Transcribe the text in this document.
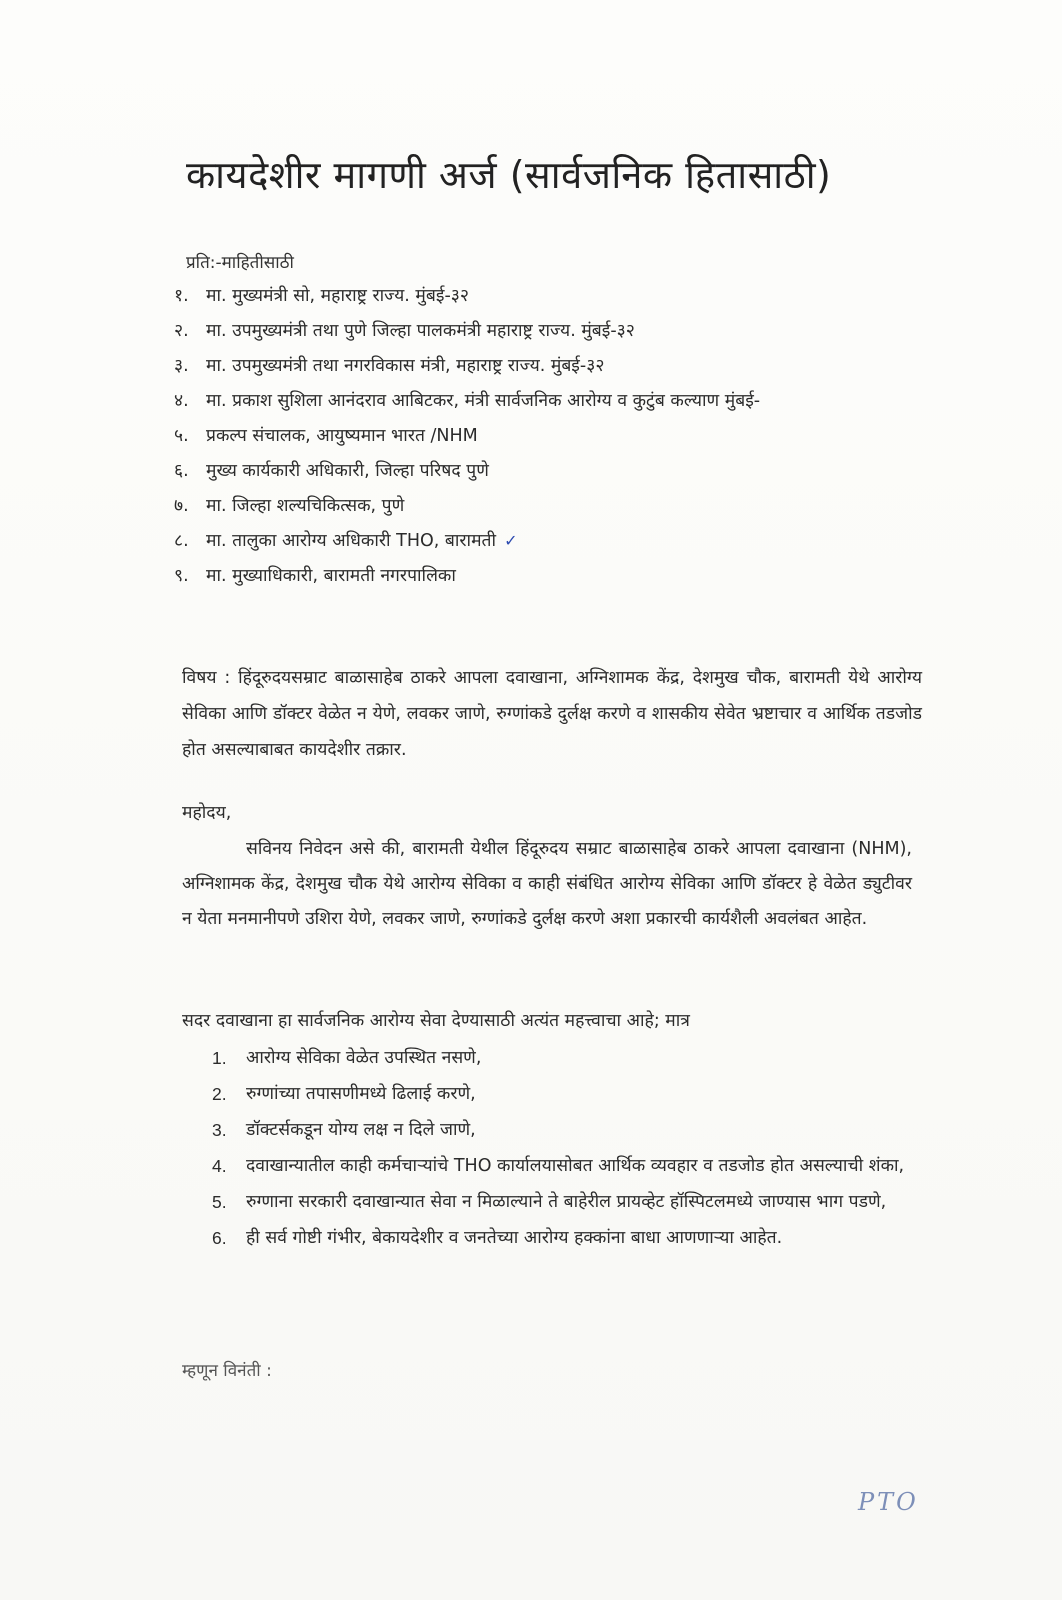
कायदेशीर मागणी अर्ज (सार्वजनिक हितासाठी)
प्रति:-माहितीसाठी
१. मा. मुख्यमंत्री सो, महाराष्ट्र राज्य. मुंबई-३२
२. मा. उपमुख्यमंत्री तथा पुणे जिल्हा पालकमंत्री महाराष्ट्र राज्य. मुंबई-३२
३. मा. उपमुख्यमंत्री तथा नगरविकास मंत्री, महाराष्ट्र राज्य. मुंबई-३२
४. मा. प्रकाश सुशिला आनंदराव आबिटकर, मंत्री सार्वजनिक आरोग्य व कुटुंब कल्याण मुंबई-
५. प्रकल्प संचालक, आयुष्यमान भारत /NHM
६. मुख्य कार्यकारी अधिकारी, जिल्हा परिषद पुणे
७. मा. जिल्हा शल्यचिकित्सक, पुणे
८. मा. तालुका आरोग्य अधिकारी THO, बारामती ✓
९. मा. मुख्याधिकारी, बारामती नगरपालिका
विषय : हिंदूरुदयसम्राट बाळासाहेब ठाकरे आपला दवाखाना, अग्निशामक केंद्र, देशमुख चौक, बारामती येथे आरोग्य सेविका आणि डॉक्टर वेळेत न येणे, लवकर जाणे, रुग्णांकडे दुर्लक्ष करणे व शासकीय सेवेत भ्रष्टाचार व आर्थिक तडजोड होत असल्याबाबत कायदेशीर तक्रार.
महोदय,
सविनय निवेदन असे की, बारामती येथील हिंदूरुदय सम्राट बाळासाहेब ठाकरे आपला दवाखाना (NHM), अग्निशामक केंद्र, देशमुख चौक येथे आरोग्य सेविका व काही संबंधित आरोग्य सेविका आणि डॉक्टर हे वेळेत ड्युटीवर न येता मनमानीपणे उशिरा येणे, लवकर जाणे, रुग्णांकडे दुर्लक्ष करणे अशा प्रकारची कार्यशैली अवलंबत आहेत.
सदर दवाखाना हा सार्वजनिक आरोग्य सेवा देण्यासाठी अत्यंत महत्त्वाचा आहे; मात्र
1. आरोग्य सेविका वेळेत उपस्थित नसणे,
2. रुग्णांच्या तपासणीमध्ये ढिलाई करणे,
3. डॉक्टर्सकडून योग्य लक्ष न दिले जाणे,
4. दवाखान्यातील काही कर्मचाऱ्यांचे THO कार्यालयासोबत आर्थिक व्यवहार व तडजोड होत असल्याची शंका,
5. रुग्णाना सरकारी दवाखान्यात सेवा न मिळाल्याने ते बाहेरील प्रायव्हेट हॉस्पिटलमध्ये जाण्यास भाग पडणे,
6. ही सर्व गोष्टी गंभीर, बेकायदेशीर व जनतेच्या आरोग्य हक्कांना बाधा आणणाऱ्या आहेत.
म्हणून विनंती :
PTO
